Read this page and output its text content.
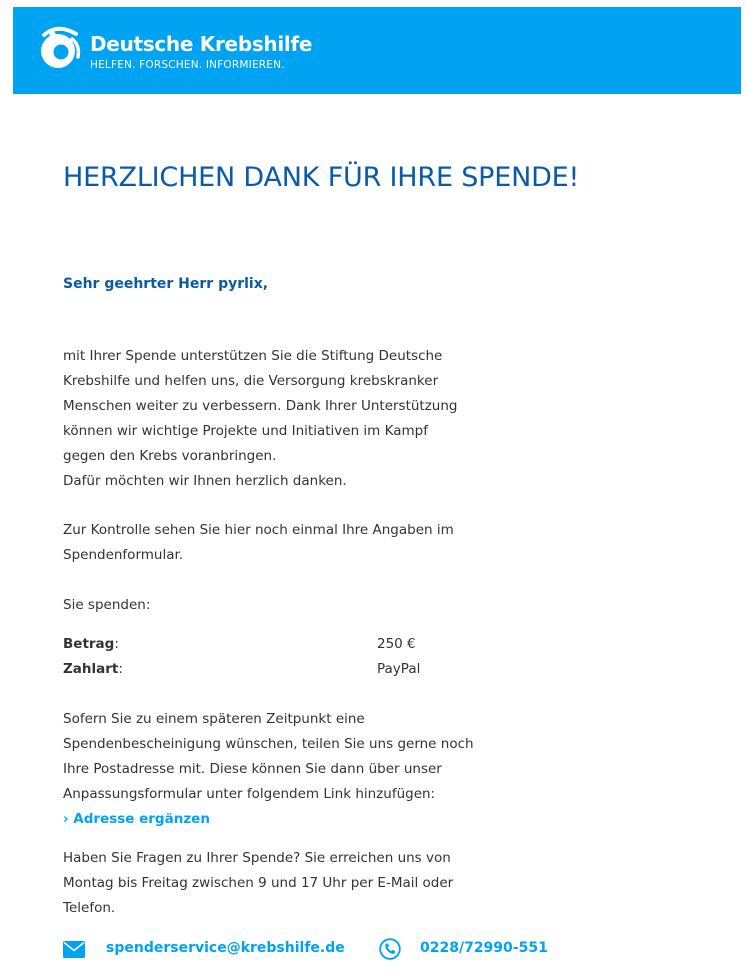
Deutsche Krebshilfe
HELFEN. FORSCHEN. INFORMIEREN.
HERZLICHEN DANK FÜR IHRE SPENDE!
Sehr geehrter Herr pyrlix,
mit Ihrer Spende unterstützen Sie die Stiftung Deutsche
Krebshilfe und helfen uns, die Versorgung krebskranker
Menschen weiter zu verbessern. Dank Ihrer Unterstützung
können wir wichtige Projekte und Initiativen im Kampf
gegen den Krebs voranbringen.
Dafür möchten wir Ihnen herzlich danken.
Zur Kontrolle sehen Sie hier noch einmal Ihre Angaben im
Spendenformular.
Sie spenden:
Betrag:	250 €
Zahlart:	PayPal
Sofern Sie zu einem späteren Zeitpunkt eine
Spendenbescheinigung wünschen, teilen Sie uns gerne noch
Ihre Postadresse mit. Diese können Sie dann über unser
Anpassungsformular unter folgendem Link hinzufügen:
› Adresse ergänzen
Haben Sie Fragen zu Ihrer Spende? Sie erreichen uns von
Montag bis Freitag zwischen 9 und 17 Uhr per E-Mail oder
Telefon.
spenderservice@krebshilfe.de	0228/72990-551
